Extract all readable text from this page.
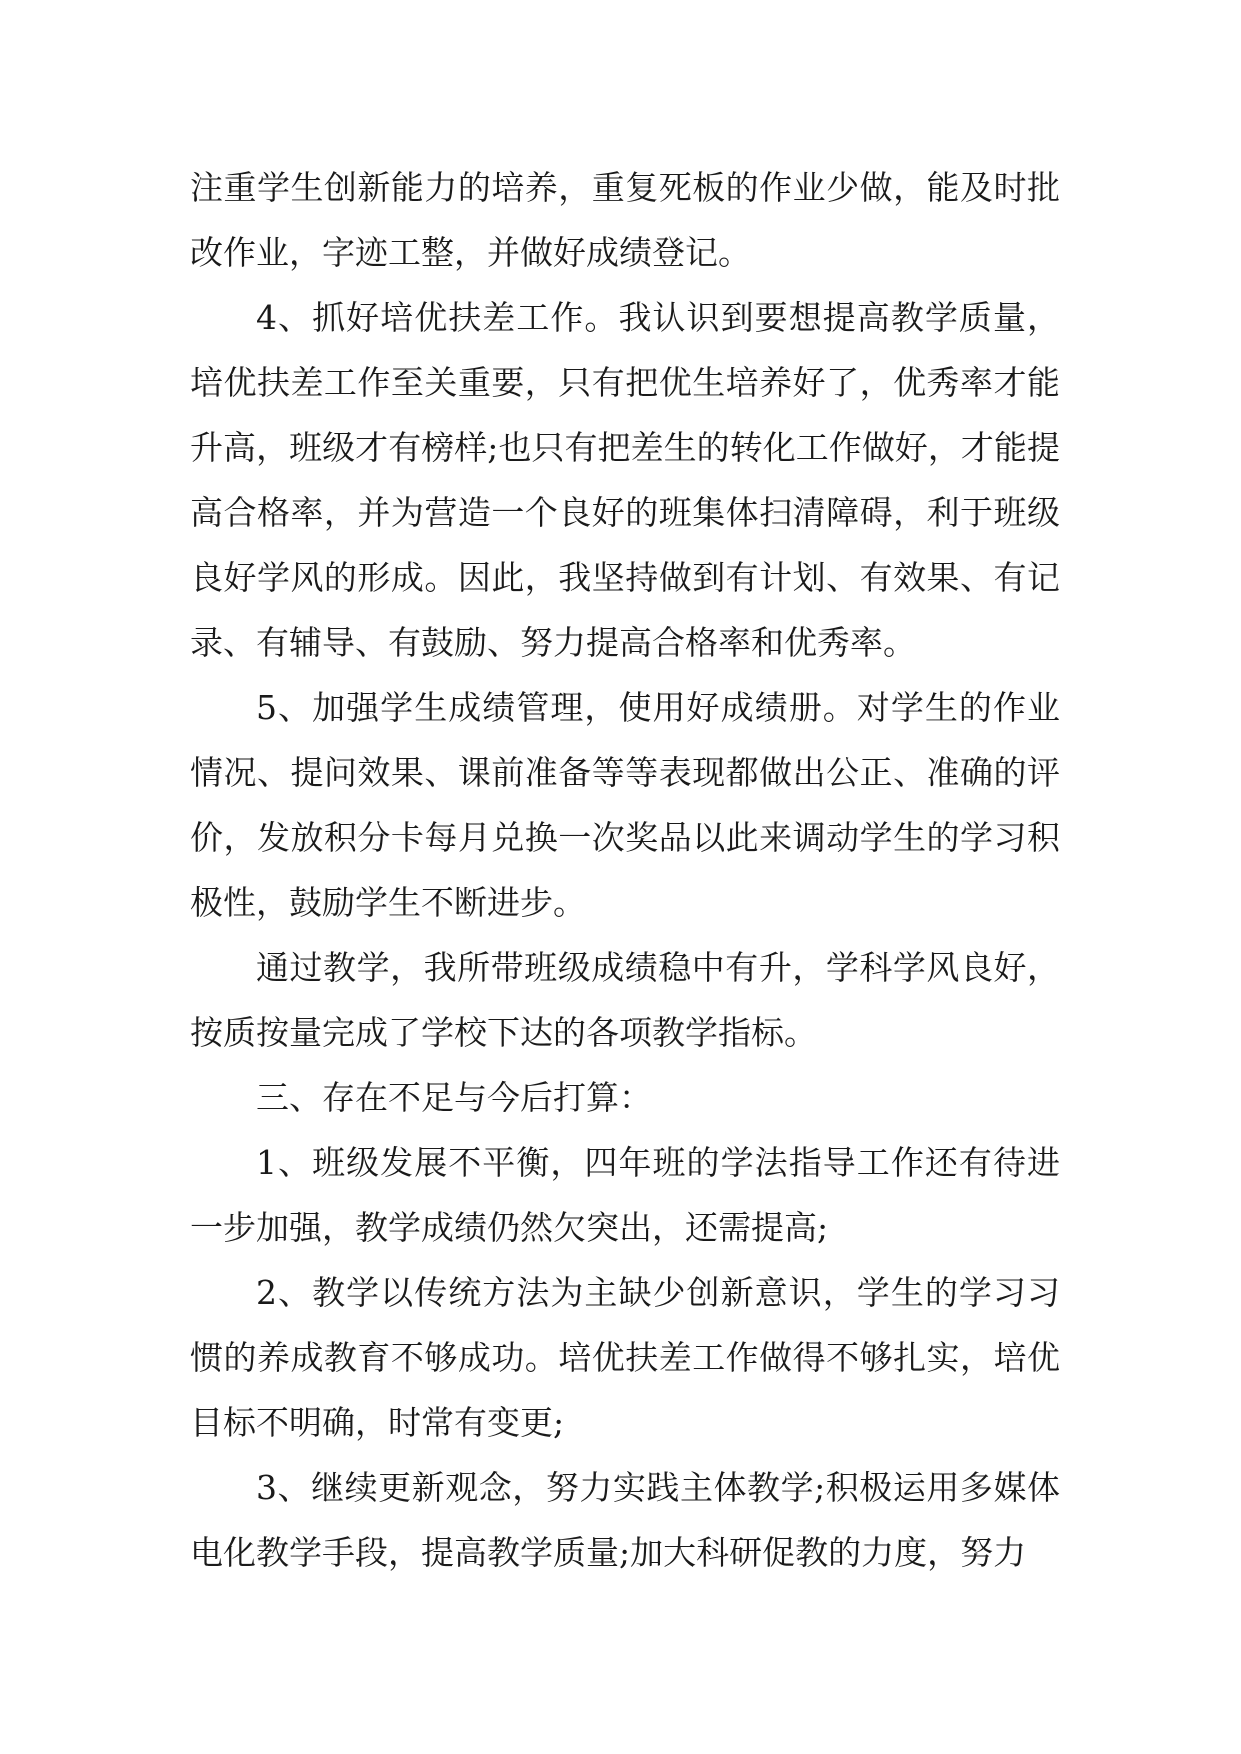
注重学生创新能力的培养，重复死板的作业少做，能及时批改作业，字迹工整，并做好成绩登记。

4、抓好培优扶差工作。我认识到要想提高教学质量，培优扶差工作至关重要，只有把优生培养好了，优秀率才能升高，班级才有榜样;也只有把差生的转化工作做好，才能提高合格率，并为营造一个良好的班集体扫清障碍，利于班级良好学风的形成。因此，我坚持做到有计划、有效果、有记录、有辅导、有鼓励、努力提高合格率和优秀率。

5、加强学生成绩管理，使用好成绩册。对学生的作业情况、提问效果、课前准备等等表现都做出公正、准确的评价，发放积分卡每月兑换一次奖品以此来调动学生的学习积极性，鼓励学生不断进步。

通过教学，我所带班级成绩稳中有升，学科学风良好，按质按量完成了学校下达的各项教学指标。

三、存在不足与今后打算：

1、班级发展不平衡，四年班的学法指导工作还有待进一步加强，教学成绩仍然欠突出，还需提高;

2、教学以传统方法为主缺少创新意识，学生的学习习惯的养成教育不够成功。培优扶差工作做得不够扎实，培优目标不明确，时常有变更;

3、继续更新观念，努力实践主体教学;积极运用多媒体电化教学手段，提高教学质量;加大科研促教的力度，努力
